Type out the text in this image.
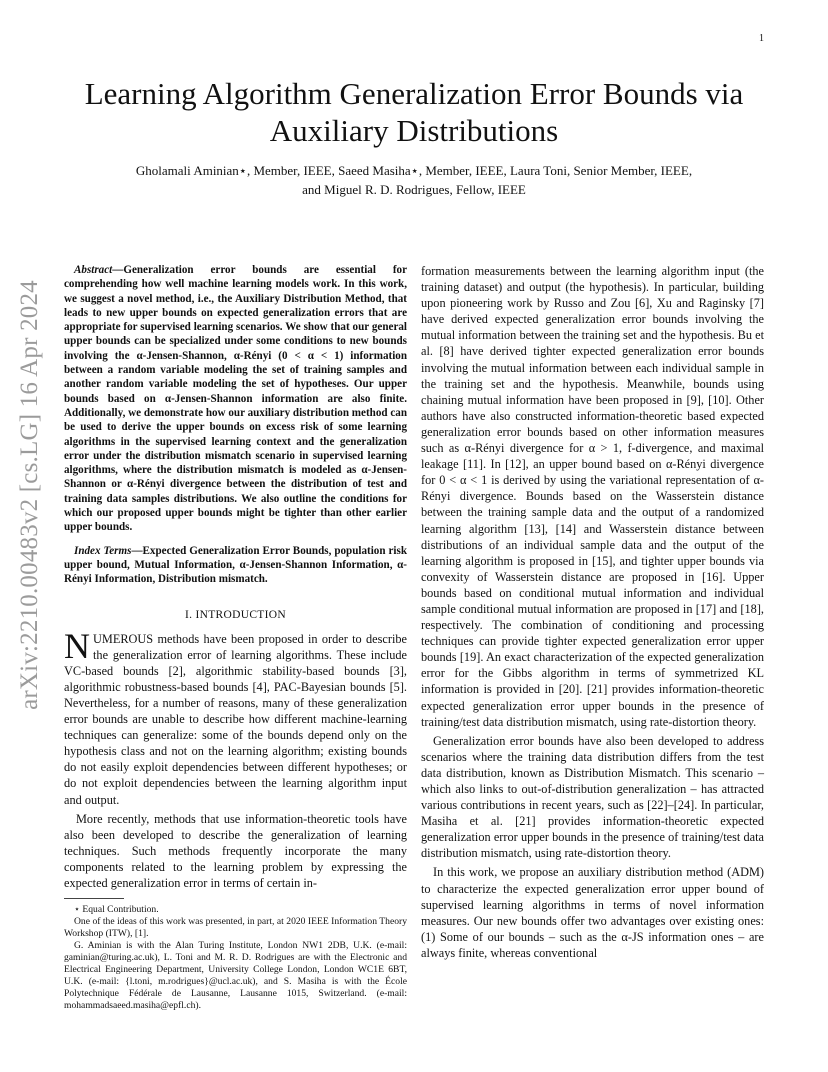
1
arXiv:2210.00483v2 [cs.LG] 16 Apr 2024
Learning Algorithm Generalization Error Bounds via Auxiliary Distributions
Gholamali Aminian⋆, Member, IEEE, Saeed Masiha⋆, Member, IEEE, Laura Toni, Senior Member, IEEE,
and Miguel R. D. Rodrigues, Fellow, IEEE

Abstract—Generalization error bounds are essential for comprehending how well machine learning models work. In this work, we suggest a novel method, i.e., the Auxiliary Distribution Method, that leads to new upper bounds on expected generalization errors that are appropriate for supervised learning scenarios. We show that our general upper bounds can be specialized under some conditions to new bounds involving the α-Jensen-Shannon, α-Rényi (0 < α < 1) information between a random variable modeling the set of training samples and another random variable modeling the set of hypotheses. Our upper bounds based on α-Jensen-Shannon information are also finite. Additionally, we demonstrate how our auxiliary distribution method can be used to derive the upper bounds on excess risk of some learning algorithms in the supervised learning context and the generalization error under the distribution mismatch scenario in supervised learning algorithms, where the distribution mismatch is modeled as α-Jensen-Shannon or α-Rényi divergence between the distribution of test and training data samples distributions. We also outline the conditions for which our proposed upper bounds might be tighter than other earlier upper bounds.

Index Terms—Expected Generalization Error Bounds, population risk upper bound, Mutual Information, α-Jensen-Shannon Information, α-Rényi Information, Distribution mismatch.

I. INTRODUCTION

NUMEROUS methods have been proposed in order to describe the generalization error of learning algorithms. These include VC-based bounds [2], algorithmic stability-based bounds [3], algorithmic robustness-based bounds [4], PAC-Bayesian bounds [5]. Nevertheless, for a number of reasons, many of these generalization error bounds are unable to describe how different machine-learning techniques can generalize: some of the bounds depend only on the hypothesis class and not on the learning algorithm; existing bounds do not easily exploit dependencies between different hypotheses; or do not exploit dependencies between the learning algorithm input and output.

More recently, methods that use information-theoretic tools have also been developed to describe the generalization of learning techniques. Such methods frequently incorporate the many components related to the learning problem by expressing the expected generalization error in terms of certain in-

formation measurements between the learning algorithm input (the training dataset) and output (the hypothesis). In particular, building upon pioneering work by Russo and Zou [6], Xu and Raginsky [7] have derived expected generalization error bounds involving the mutual information between the training set and the hypothesis. Bu et al. [8] have derived tighter expected generalization error bounds involving the mutual information between each individual sample in the training set and the hypothesis. Meanwhile, bounds using chaining mutual information have been proposed in [9], [10]. Other authors have also constructed information-theoretic based expected generalization error bounds based on other information measures such as α-Rényi divergence for α > 1, f-divergence, and maximal leakage [11]. In [12], an upper bound based on α-Rényi divergence for 0 < α < 1 is derived by using the variational representation of α-Rényi divergence. Bounds based on the Wasserstein distance between the training sample data and the output of a randomized learning algorithm [13], [14] and Wasserstein distance between distributions of an individual sample data and the output of the learning algorithm is proposed in [15], and tighter upper bounds via convexity of Wasserstein distance are proposed in [16]. Upper bounds based on conditional mutual information and individual sample conditional mutual information are proposed in [17] and [18], respectively. The combination of conditioning and processing techniques can provide tighter expected generalization error upper bounds [19]. An exact characterization of the expected generalization error for the Gibbs algorithm in terms of symmetrized KL information is provided in [20]. [21] provides information-theoretic expected generalization error upper bounds in the presence of training/test data distribution mismatch, using rate-distortion theory.

Generalization error bounds have also been developed to address scenarios where the training data distribution differs from the test data distribution, known as Distribution Mismatch. This scenario – which also links to out-of-distribution generalization – has attracted various contributions in recent years, such as [22]–[24]. In particular, Masiha et al. [21] provides information-theoretic expected generalization error upper bounds in the presence of training/test data distribution mismatch, using rate-distortion theory.

In this work, we propose an auxiliary distribution method (ADM) to characterize the expected generalization error upper bound of supervised learning algorithms in terms of novel information measures. Our new bounds offer two advantages over existing ones: (1) Some of our bounds – such as the α-JS information ones – are always finite, whereas conventional

⋆ Equal Contribution.

One of the ideas of this work was presented, in part, at 2020 IEEE Information Theory Workshop (ITW), [1].

G. Aminian is with the Alan Turing Institute, London NW1 2DB, U.K. (e-mail: gaminian@turing.ac.uk), L. Toni and M. R. D. Rodrigues are with the Electronic and Electrical Engineering Department, University College London, London WC1E 6BT, U.K. (e-mail: {l.toni, m.rodrigues}@ucl.ac.uk), and S. Masiha is with the École Polytechnique Fédérale de Lausanne, Lausanne 1015, Switzerland. (e-mail: mohammadsaeed.masiha@epfl.ch).
